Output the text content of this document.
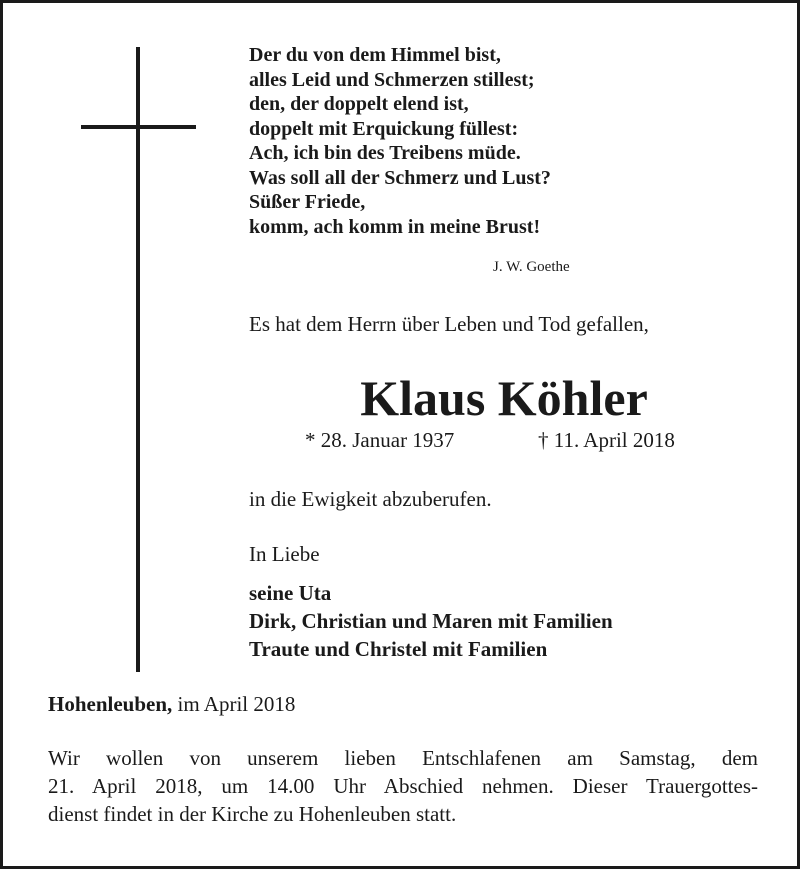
Der du von dem Himmel bist,
alles Leid und Schmerzen stillest;
den, der doppelt elend ist,
doppelt mit Erquickung füllest:
Ach, ich bin des Treibens müde.
Was soll all der Schmerz und Lust?
Süßer Friede,
komm, ach komm in meine Brust!
J. W. Goethe
Es hat dem Herrn über Leben und Tod gefallen,
Klaus Köhler
* 28. Januar 1937	† 11. April 2018
in die Ewigkeit abzuberufen.
In Liebe
seine Uta
Dirk, Christian und Maren mit Familien
Traute und Christel mit Familien
Hohenleuben, im April 2018
Wir wollen von unserem lieben Entschlafenen am Samstag, dem
21. April 2018, um 14.00 Uhr Abschied nehmen. Dieser Trauergottes-
dienst findet in der Kirche zu Hohenleuben statt.
